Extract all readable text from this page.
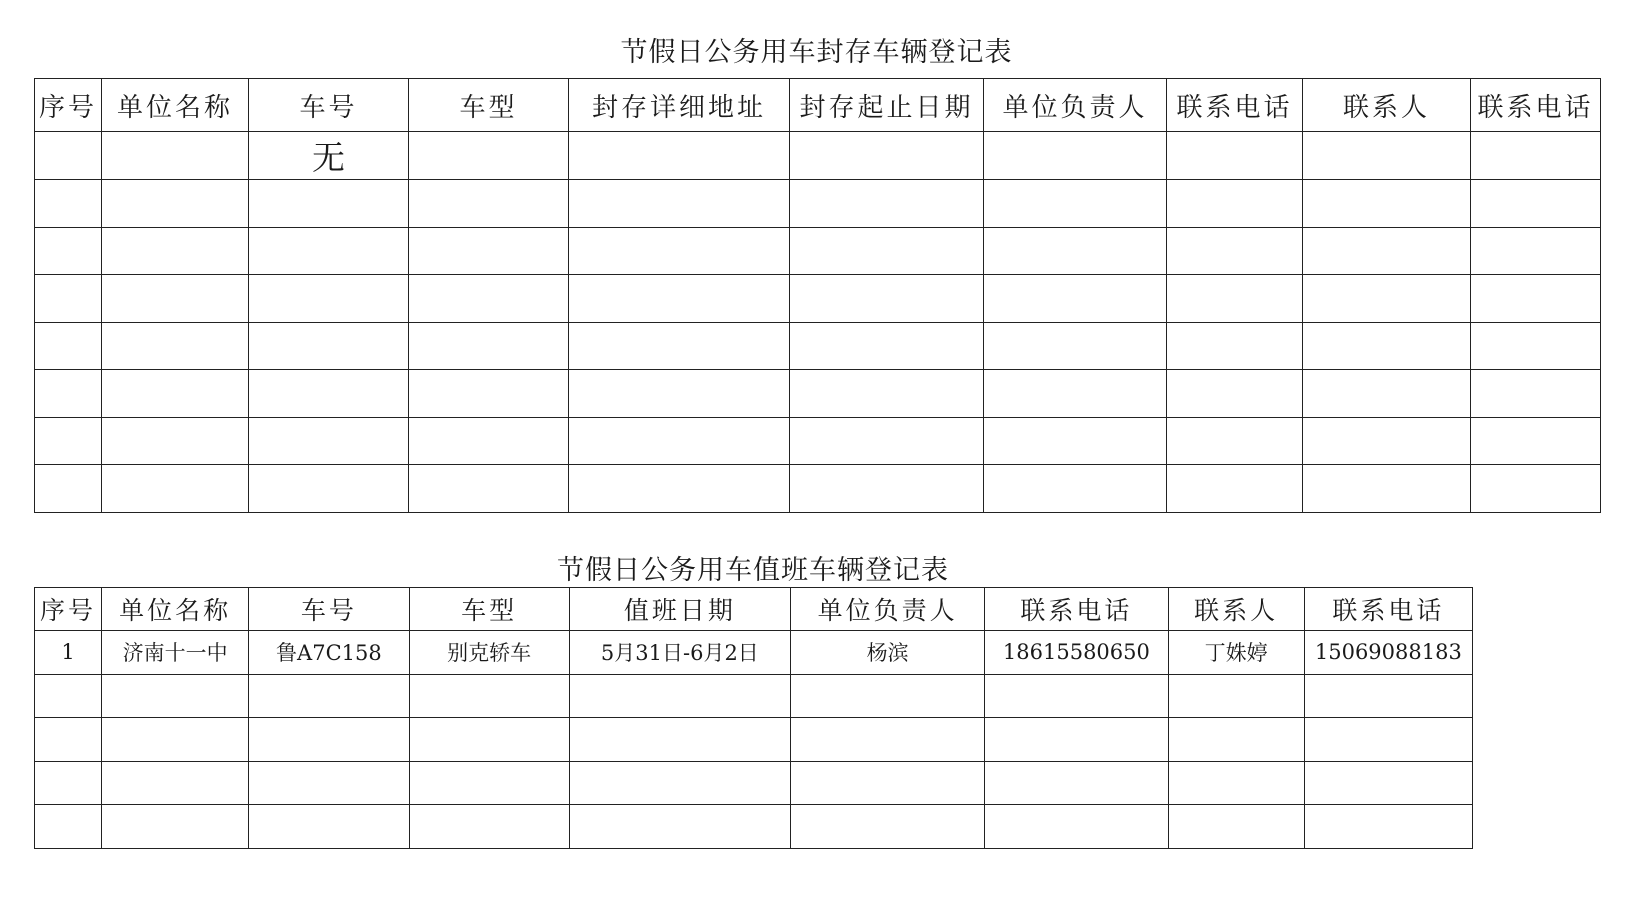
节假日公务用车封存车辆登记表
序号	单位名称	车号	车型	封存详细地址	封存起止日期	单位负责人	联系电话	联系人	联系电话
		无							

节假日公务用车值班车辆登记表
序号	单位名称	车号	车型	值班日期	单位负责人	联系电话	联系人	联系电话
1	济南十一中	鲁A7C158	别克轿车	5月31日-6月2日	杨滨	18615580650	丁姝婷	15069088183
